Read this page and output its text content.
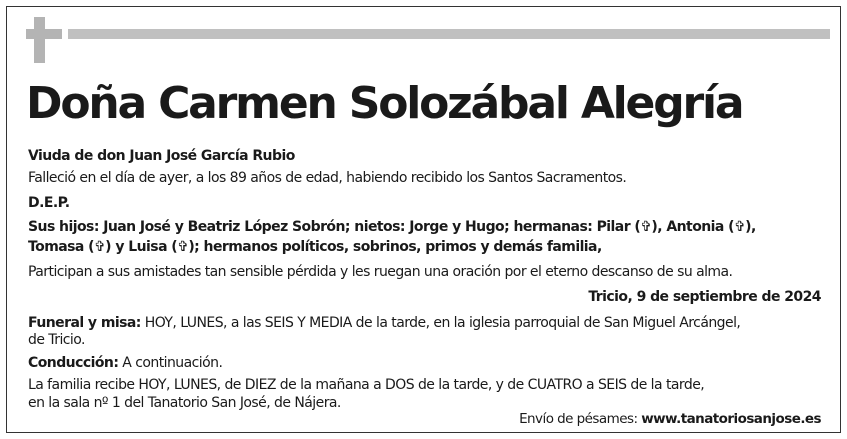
Doña Carmen Solozábal Alegría
Viuda de don Juan José García Rubio
Falleció en el día de ayer, a los 89 años de edad, habiendo recibido los Santos Sacramentos.
D.E.P.
Sus hijos: Juan José y Beatriz López Sobrón; nietos: Jorge y Hugo; hermanas: Pilar (✞), Antonia (✞),
Tomasa (✞) y Luisa (✞); hermanos políticos, sobrinos, primos y demás familia,
Participan a sus amistades tan sensible pérdida y les ruegan una oración por el eterno descanso de su alma.
Tricio, 9 de septiembre de 2024
Funeral y misa: HOY, LUNES, a las SEIS Y MEDIA de la tarde, en la iglesia parroquial de San Miguel Arcángel,
de Tricio.
Conducción: A continuación.
La familia recibe HOY, LUNES, de DIEZ de la mañana a DOS de la tarde, y de CUATRO a SEIS de la tarde,
en la sala nº 1 del Tanatorio San José, de Nájera.
Envío de pésames: www.tanatoriosanjose.es
